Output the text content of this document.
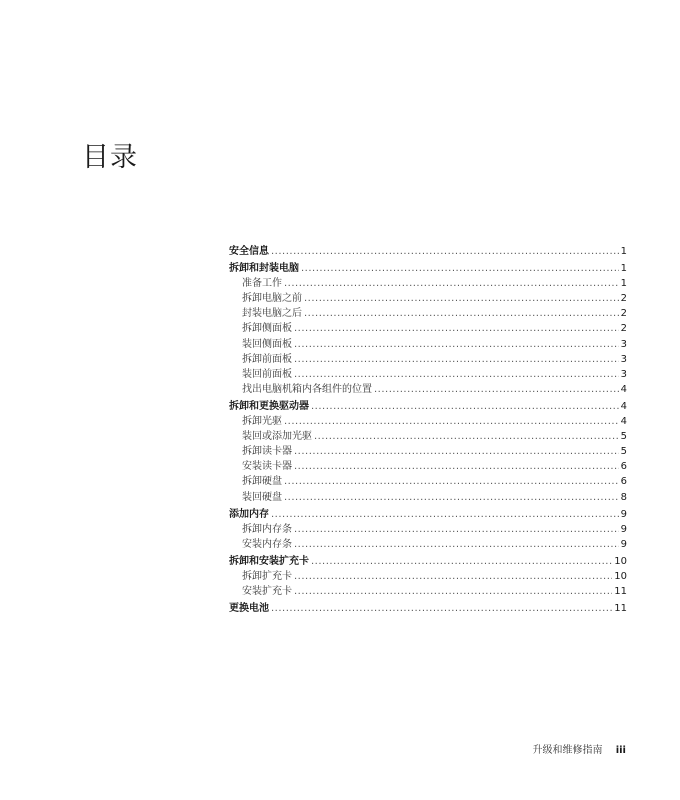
目录
安全信息 .....	1
拆卸和封装电脑 .....	1
准备工作 .....	1
拆卸电脑之前 .....	2
封装电脑之后 .....	2
拆卸侧面板 .....	2
装回侧面板 .....	3
拆卸前面板 .....	3
装回前面板 .....	3
找出电脑机箱内各组件的位置 .....	4
拆卸和更换驱动器 .....	4
拆卸光驱 .....	4
装回或添加光驱 .....	5
拆卸读卡器 .....	5
安装读卡器 .....	6
拆卸硬盘 .....	6
装回硬盘 .....	8
添加内存 .....	9
拆卸内存条 .....	9
安装内存条 .....	9
拆卸和安装扩充卡 .....	10
拆卸扩充卡 .....	10
安装扩充卡 .....	11
更换电池 .....	11
升级和维修指南 iii
